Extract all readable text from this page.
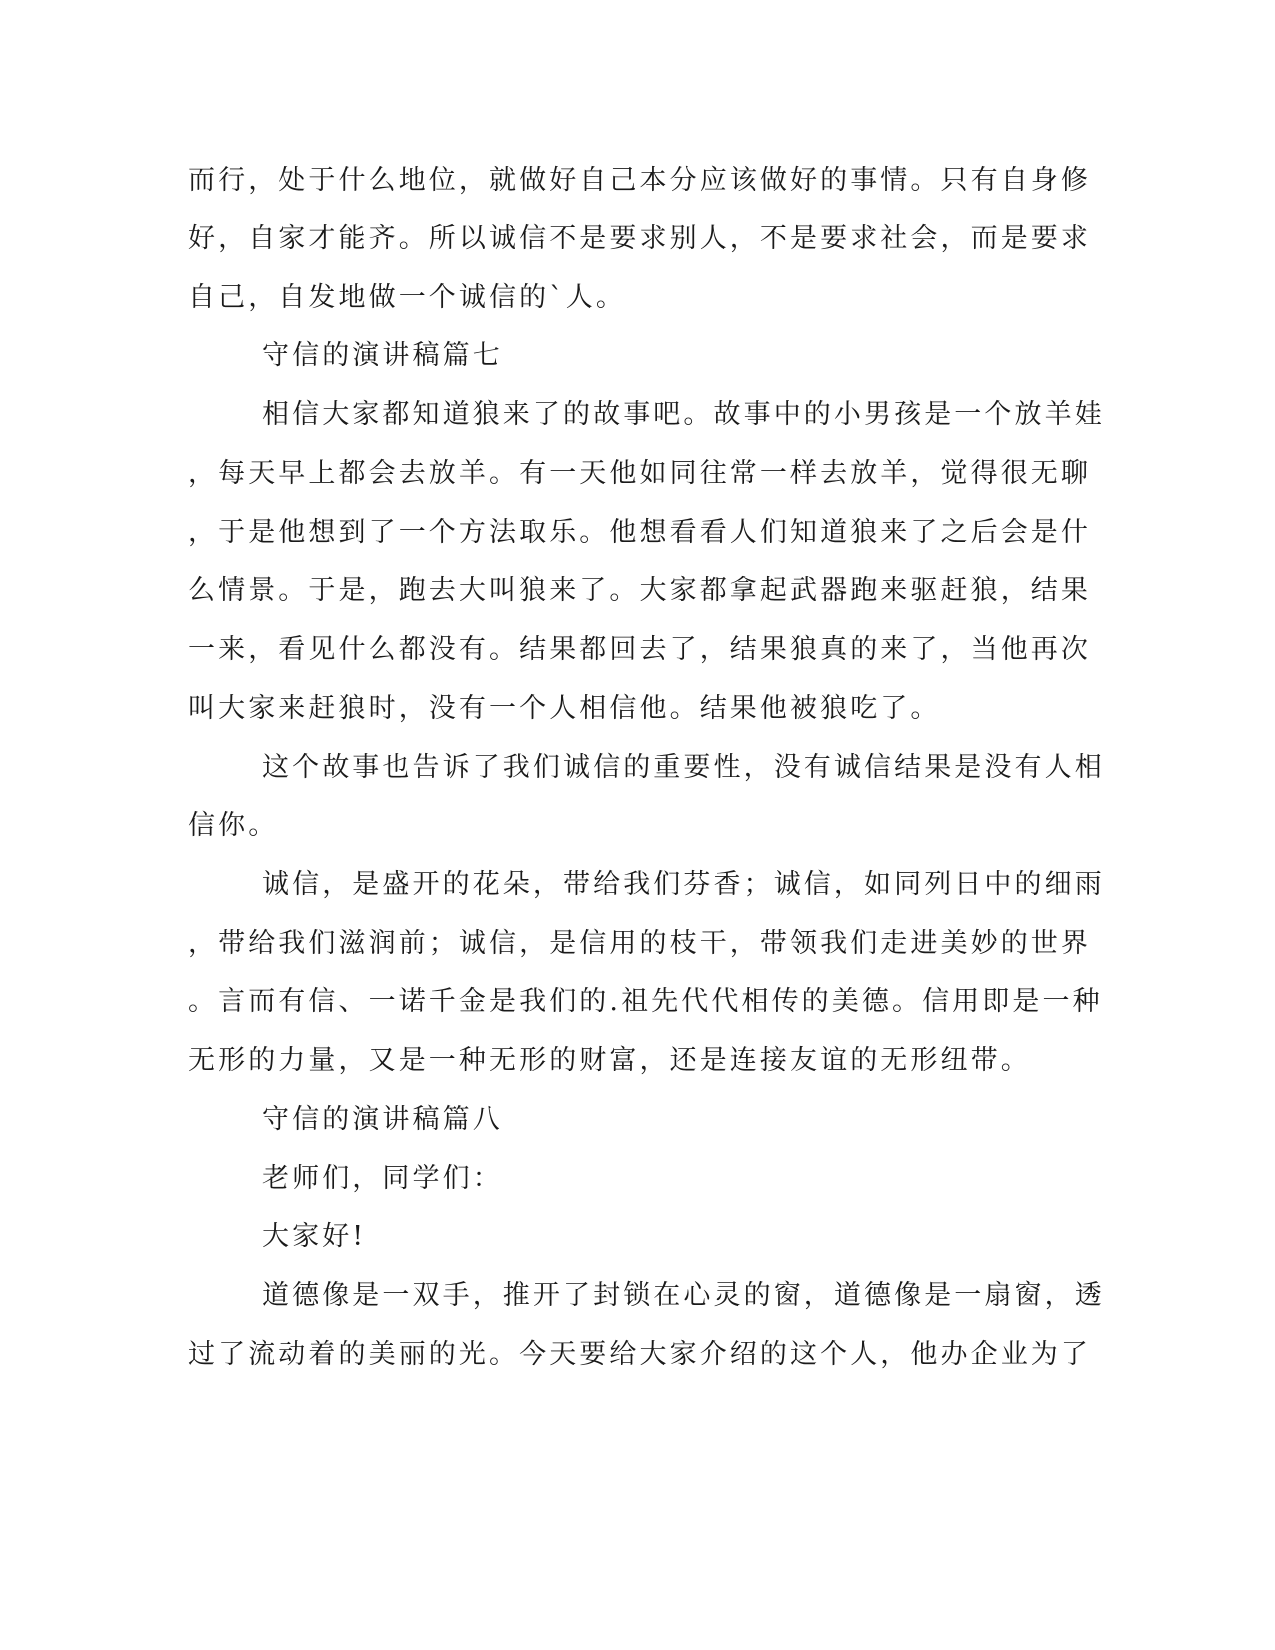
而行，处于什么地位，就做好自己本分应该做好的事情。只有自身修
好，自家才能齐。所以诚信不是要求别人，不是要求社会，而是要求
自己，自发地做一个诚信的`人。
守信的演讲稿篇七
相信大家都知道狼来了的故事吧。故事中的小男孩是一个放羊娃
，每天早上都会去放羊。有一天他如同往常一样去放羊，觉得很无聊
，于是他想到了一个方法取乐。他想看看人们知道狼来了之后会是什
么情景。于是，跑去大叫狼来了。大家都拿起武器跑来驱赶狼，结果
一来，看见什么都没有。结果都回去了，结果狼真的来了，当他再次
叫大家来赶狼时，没有一个人相信他。结果他被狼吃了。
这个故事也告诉了我们诚信的重要性，没有诚信结果是没有人相
信你。
诚信，是盛开的花朵，带给我们芬香；诚信，如同列日中的细雨
，带给我们滋润前；诚信，是信用的枝干，带领我们走进美妙的世界
。言而有信、一诺千金是我们的.祖先代代相传的美德。信用即是一种
无形的力量，又是一种无形的财富，还是连接友谊的无形纽带。
守信的演讲稿篇八
老师们，同学们：
大家好!
道德像是一双手，推开了封锁在心灵的窗，道德像是一扇窗，透
过了流动着的美丽的光。今天要给大家介绍的这个人，他办企业为了
